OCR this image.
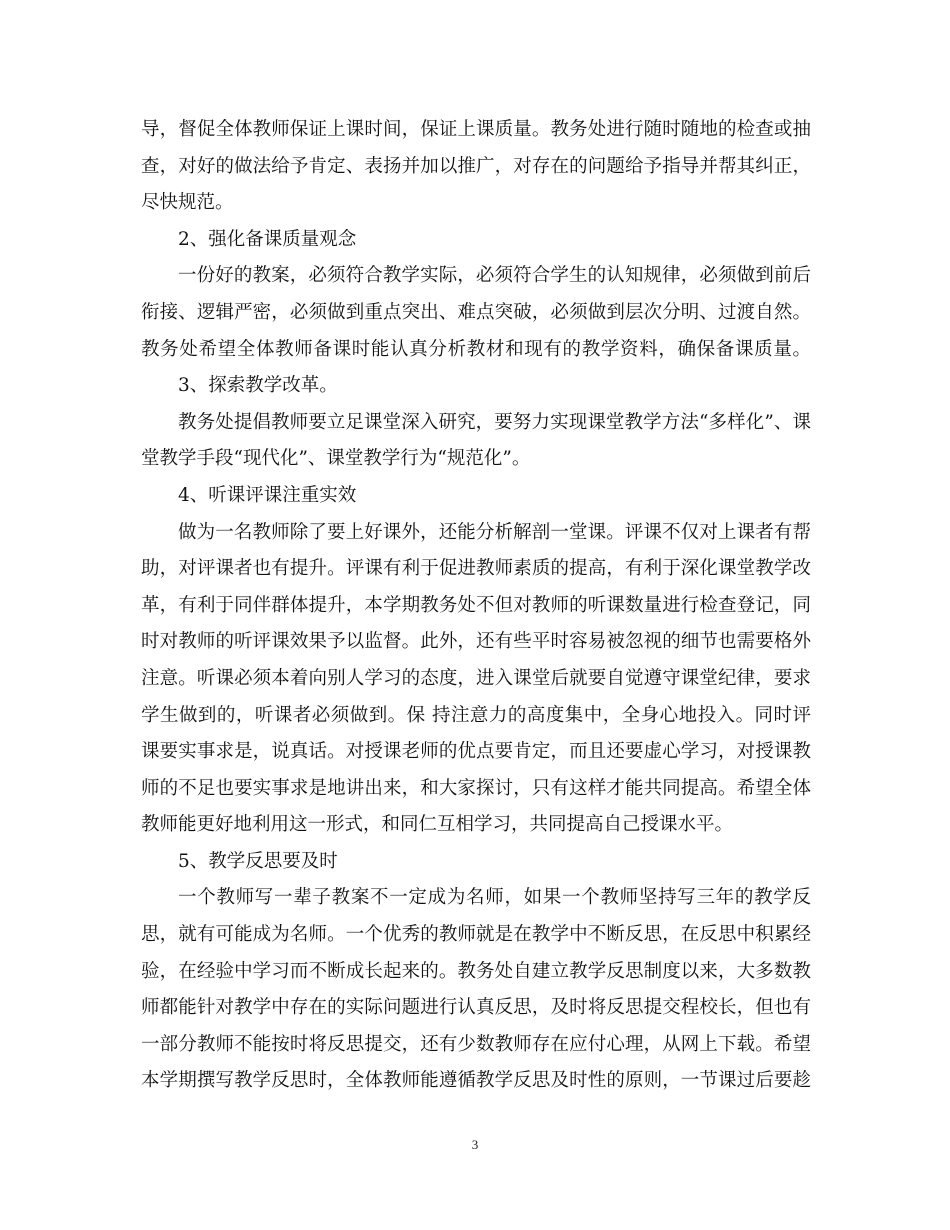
导，督促全体教师保证上课时间，保证上课质量。教务处进行随时随地的检查或抽
查，对好的做法给予肯定、表扬并加以推广，对存在的问题给予指导并帮其纠正，
尽快规范。
2、强化备课质量观念
一份好的教案，必须符合教学实际，必须符合学生的认知规律，必须做到前后
衔接、逻辑严密，必须做到重点突出、难点突破，必须做到层次分明、过渡自然。
教务处希望全体教师备课时能认真分析教材和现有的教学资料，确保备课质量。
3、探索教学改革。
教务处提倡教师要立足课堂深入研究，要努力实现课堂教学方法“多样化”、课
堂教学手段“现代化”、课堂教学行为“规范化”。
4、听课评课注重实效
做为一名教师除了要上好课外，还能分析解剖一堂课。评课不仅对上课者有帮
助，对评课者也有提升。评课有利于促进教师素质的提高，有利于深化课堂教学改
革，有利于同伴群体提升，本学期教务处不但对教师的听课数量进行检查登记，同
时对教师的听评课效果予以监督。此外，还有些平时容易被忽视的细节也需要格外
注意。听课必须本着向别人学习的态度，进入课堂后就要自觉遵守课堂纪律，要求
学生做到的，听课者必须做到。保 持注意力的高度集中，全身心地投入。同时评
课要实事求是，说真话。对授课老师的优点要肯定，而且还要虚心学习，对授课教
师的不足也要实事求是地讲出来，和大家探讨，只有这样才能共同提高。希望全体
教师能更好地利用这一形式，和同仁互相学习，共同提高自己授课水平。
5、教学反思要及时
一个教师写一辈子教案不一定成为名师，如果一个教师坚持写三年的教学反
思，就有可能成为名师。一个优秀的教师就是在教学中不断反思，在反思中积累经
验，在经验中学习而不断成长起来的。教务处自建立教学反思制度以来，大多数教
师都能针对教学中存在的实际问题进行认真反思，及时将反思提交程校长，但也有
一部分教师不能按时将反思提交，还有少数教师存在应付心理，从网上下载。希望
本学期撰写教学反思时，全体教师能遵循教学反思及时性的原则，一节课过后要趁
3
